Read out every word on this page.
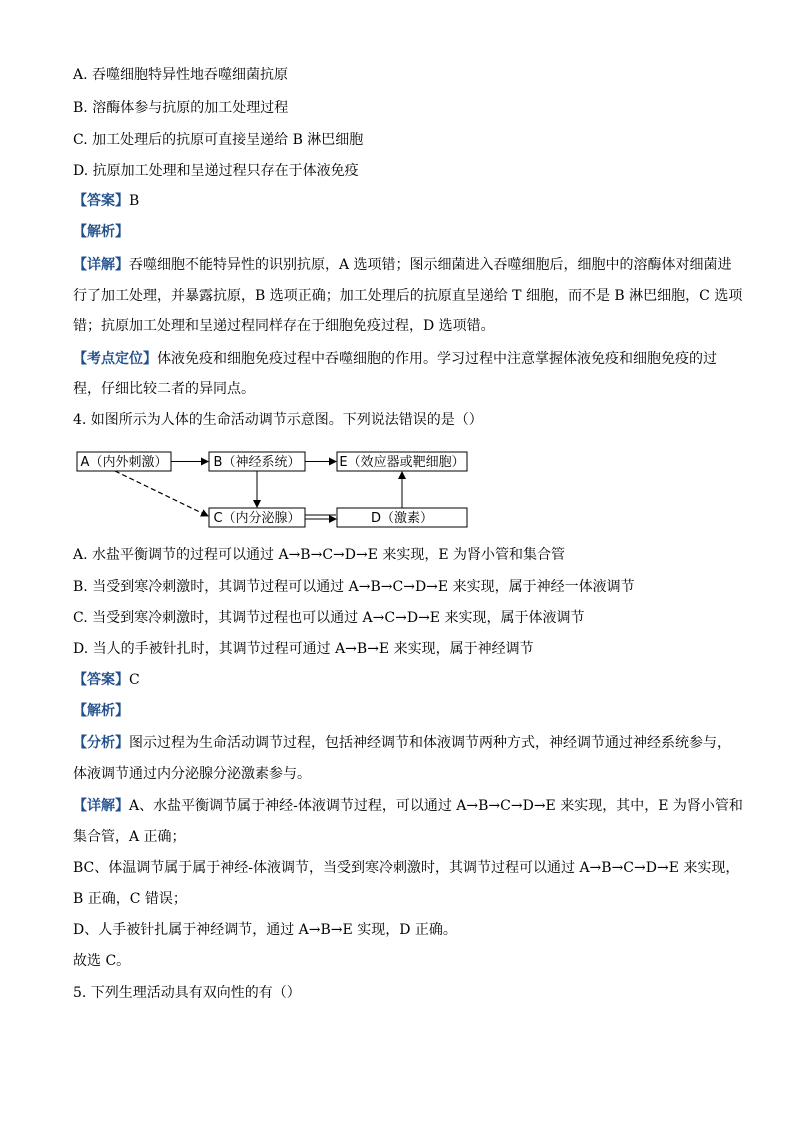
A. 吞噬细胞特异性地吞噬细菌抗原
B. 溶酶体参与抗原的加工处理过程
C. 加工处理后的抗原可直接呈递给 B 淋巴细胞
D. 抗原加工处理和呈递过程只存在于体液免疫
【答案】B
【解析】
【详解】吞噬细胞不能特异性的识别抗原，A 选项错；图示细菌进入吞噬细胞后，细胞中的溶酶体对细菌进
行了加工处理，并暴露抗原，B 选项正确；加工处理后的抗原直呈递给 T 细胞，而不是 B 淋巴细胞，C 选项
错；抗原加工处理和呈递过程同样存在于细胞免疫过程，D 选项错。
【考点定位】体液免疫和细胞免疫过程中吞噬细胞的作用。学习过程中注意掌握体液免疫和细胞免疫的过
程，仔细比较二者的异同点。
4. 如图所示为人体的生命活动调节示意图。下列说法错误的是（）
A（内外刺激）	B（神经系统）	E（效应器或靶细胞）
C（内分泌腺）	D（激素）
A. 水盐平衡调节的过程可以通过 A→B→C→D→E 来实现，E 为肾小管和集合管
B. 当受到寒冷刺激时，其调节过程可以通过 A→B→C→D→E 来实现，属于神经一体液调节
C. 当受到寒冷刺激时，其调节过程也可以通过 A→C→D→E 来实现，属于体液调节
D. 当人的手被针扎时，其调节过程可通过 A→B→E 来实现，属于神经调节
【答案】C
【解析】
【分析】图示过程为生命活动调节过程，包括神经调节和体液调节两种方式，神经调节通过神经系统参与，
体液调节通过内分泌腺分泌激素参与。
【详解】A、水盐平衡调节属于神经-体液调节过程，可以通过 A→B→C→D→E 来实现，其中，E 为肾小管和
集合管，A 正确；
BC、体温调节属于属于神经-体液调节，当受到寒冷刺激时，其调节过程可以通过 A→B→C→D→E 来实现，
B 正确，C 错误；
D、人手被针扎属于神经调节，通过 A→B→E 实现，D 正确。
故选 C。
5. 下列生理活动具有双向性的有（）
